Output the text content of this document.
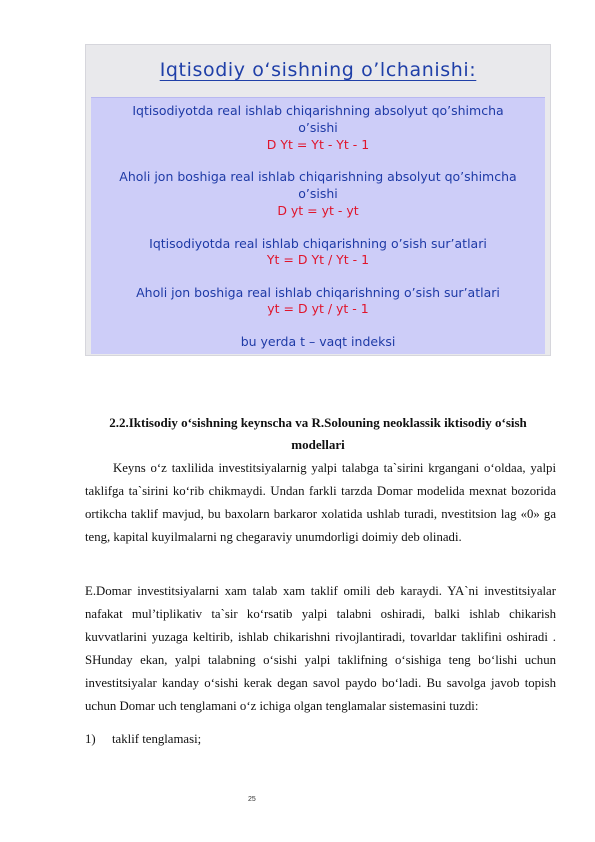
Iqtisodiy o‘sishning o’lchanishi:
Iqtisodiyotda real ishlab chiqarishning absolyut qo’shimcha
o’sishi
D Yt = Yt - Yt - 1
Aholi jon boshiga real ishlab chiqarishning absolyut qo’shimcha
o’sishi
D yt = yt - yt
Iqtisodiyotda real ishlab chiqarishning o’sish sur’atlari
Yt = D Yt / Yt - 1
Aholi jon boshiga real ishlab chiqarishning o’sish sur’atlari
yt = D yt / yt - 1
bu yerda t – vaqt indeksi
2.2.Iktisodiy o‘sishning keynscha va R.Solouning neoklassik iktisodiy o‘sish
modellari

Keyns o‘z taxlilida investitsiyalarnig yalpi talabga ta`sirini krgangani o‘oldaa, yalpi taklifga ta`sirini ko‘rib chikmaydi. Undan farkli tarzda Domar modelida mexnat bozorida ortikcha taklif mavjud, bu baxolarn barkaror xolatida ushlab turadi, nvestitsion lag «0» ga teng, kapital kuyilmalarni ng chegaraviy unumdorligi doimiy deb olinadi.

E.Domar investitsiyalarni xam talab xam taklif omili deb karaydi. YA`ni investitsiyalar nafakat mul’tiplikativ ta`sir ko‘rsatib yalpi talabni oshiradi, balki ishlab chikarish kuvvatlarini yuzaga keltirib, ishlab chikarishni rivojlantiradi, tovarldar taklifini oshiradi . SHunday ekan, yalpi talabning o‘sishi yalpi taklifning o‘sishiga teng bo‘lishi uchun investitsiyalar kanday o‘sishi kerak degan savol paydo bo‘ladi. Bu savolga javob topish uchun Domar uch tenglamani o‘z ichiga olgan tenglamalar sistemasini tuzdi:

1) taklif tenglamasi;
25
